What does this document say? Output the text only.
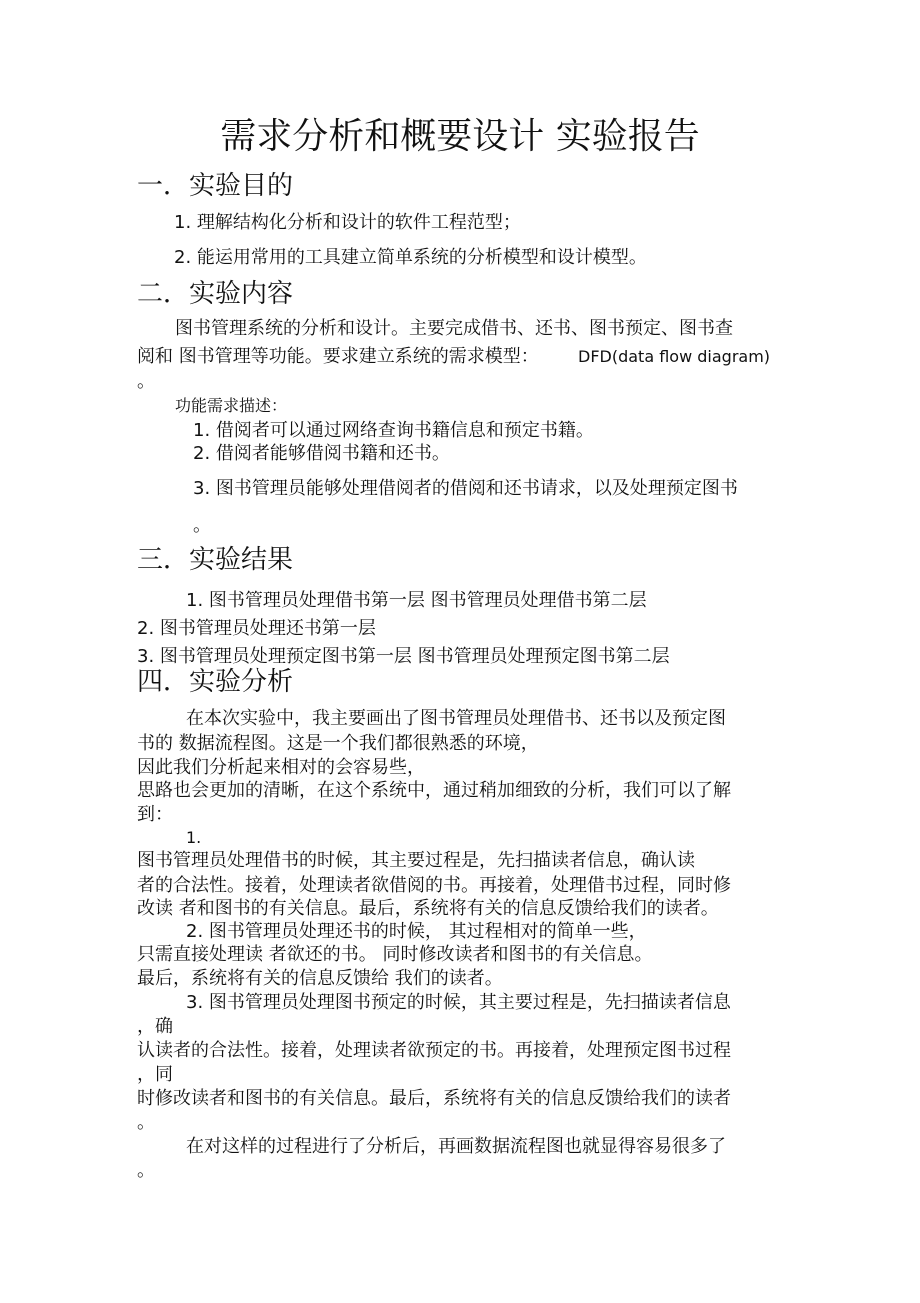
需求分析和概要设计 实验报告
一．实验目的
1. 理解结构化分析和设计的软件工程范型；
2. 能运用常用的工具建立简单系统的分析模型和设计模型。
二．实验内容
图书管理系统的分析和设计。主要完成借书、还书、图书预定、图书查
阅和 图书管理等功能。要求建立系统的需求模型： DFD(data flow diagram)
。
功能需求描述：
1. 借阅者可以通过网络查询书籍信息和预定书籍。
2. 借阅者能够借阅书籍和还书。
3. 图书管理员能够处理借阅者的借阅和还书请求，以及处理预定图书
。
三．实验结果
1. 图书管理员处理借书第一层 图书管理员处理借书第二层
2. 图书管理员处理还书第一层
3. 图书管理员处理预定图书第一层 图书管理员处理预定图书第二层
四．实验分析
在本次实验中，我主要画出了图书管理员处理借书、还书以及预定图
书的 数据流程图。这是一个我们都很熟悉的环境，
因此我们分析起来相对的会容易些，
思路也会更加的清晰，在这个系统中，通过稍加细致的分析，我们可以了解
到：
1.
图书管理员处理借书的时候，其主要过程是，先扫描读者信息，确认读
者的合法性。接着，处理读者欲借阅的书。再接着，处理借书过程，同时修
改读 者和图书的有关信息。最后，系统将有关的信息反馈给我们的读者。
2. 图书管理员处理还书的时候， 其过程相对的简单一些，
只需直接处理读 者欲还的书。 同时修改读者和图书的有关信息。
最后，系统将有关的信息反馈给 我们的读者。
3. 图书管理员处理图书预定的时候，其主要过程是，先扫描读者信息
，确
认读者的合法性。接着，处理读者欲预定的书。再接着，处理预定图书过程
，同
时修改读者和图书的有关信息。最后，系统将有关的信息反馈给我们的读者
。
在对这样的过程进行了分析后，再画数据流程图也就显得容易很多了
。
